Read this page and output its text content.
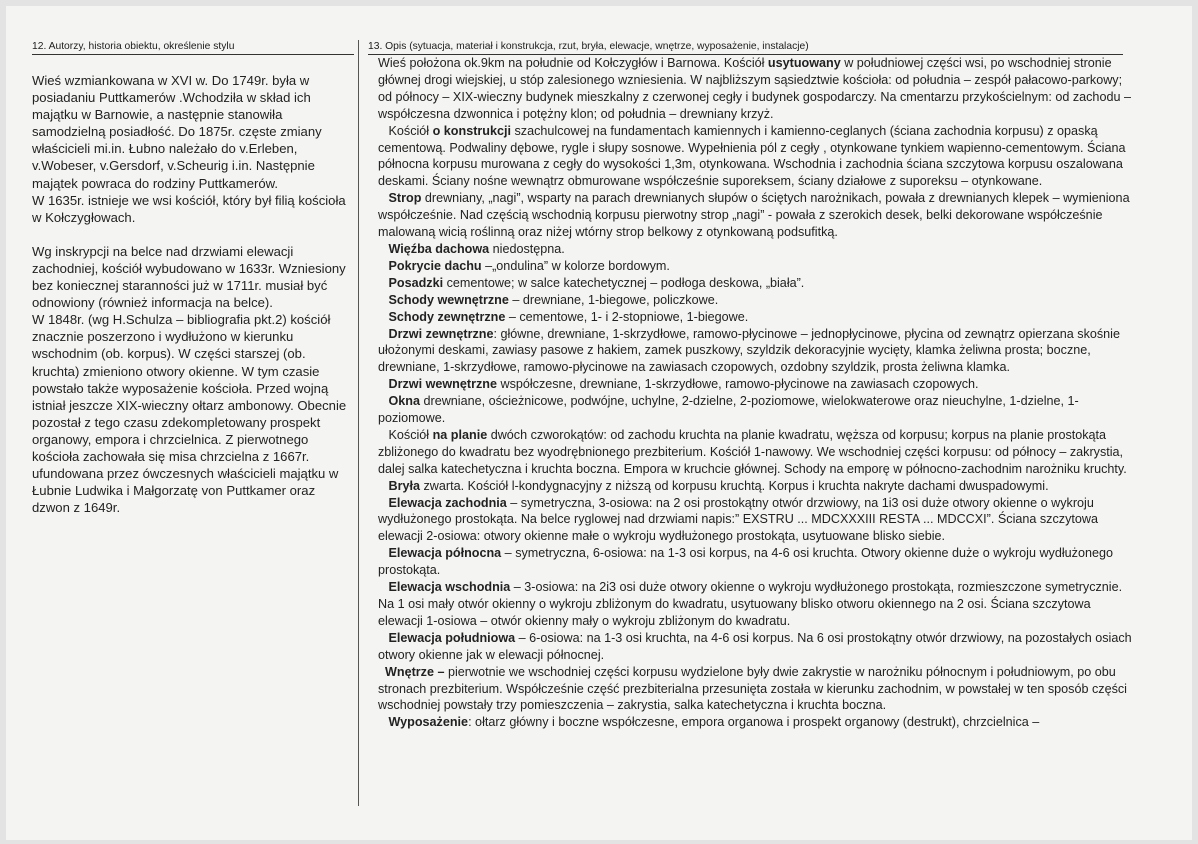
12. Autorzy, historia obiektu, określenie stylu	13. Opis (sytuacja, materiał i konstrukcja, rzut, bryła, elewacje, wnętrze, wyposażenie, instalacje)

Wieś wzmiankowana w XVI w. Do 1749r. była w posiadaniu Puttkamerów .Wchodziła w skład ich majątku w Barnowie, a następnie stanowiła samodzielną posiadłość. Do 1875r. częste zmiany właścicieli mi.in. Łubno należało do v.Erleben, v.Wobeser, v.Gersdorf, v.Scheurig i.in. Następnie majątek powraca do rodziny Puttkamerów.

W 1635r. istnieje we wsi kościół, który był filią kościoła w Kołczygłowach.

Wg inskrypcji na belce nad drzwiami elewacji zachodniej, kościół wybudowano w 1633r. Wzniesiony bez koniecznej staranności już w 1711r. musiał być odnowiony (również informacja na belce).

W 1848r. (wg H.Schulza – bibliografia pkt.2) kościół znacznie poszerzono i wydłużono w kierunku wschodnim (ob. korpus). W części starszej (ob. kruchta) zmieniono otwory okienne. W tym czasie powstało także wyposażenie kościoła. Przed wojną istniał jeszcze XIX-wieczny ołtarz ambonowy. Obecnie pozostał z tego czasu zdekompletowany prospekt organowy, empora i chrzcielnica. Z pierwotnego kościoła zachowała się misa chrzcielna z 1667r. ufundowana przez ówczesnych właścicieli majątku w Łubnie Ludwika i Małgorzatę von Puttkamer oraz dzwon z 1649r.

Wieś położona ok.9km na południe od Kołczygłów i Barnowa. Kościół usytuowany w południowej części wsi, po wschodniej stronie głównej drogi wiejskiej, u stóp zalesionego wzniesienia. W najbliższym sąsiedztwie kościoła: od południa – zespół pałacowo-parkowy; od północy – XIX-wieczny budynek mieszkalny z czerwonej cegły i budynek gospodarczy. Na cmentarzu przykościelnym: od zachodu – współczesna dzwonnica i potężny klon; od południa – drewniany krzyż.

Kościół o konstrukcji szachulcowej na fundamentach kamiennych i kamienno-ceglanych (ściana zachodnia korpusu) z opaską cementową. Podwaliny dębowe, rygle i słupy sosnowe. Wypełnienia pól z cegły , otynkowane tynkiem wapienno-cementowym. Ściana północna korpusu murowana z cegły do wysokości 1,3m, otynkowana. Wschodnia i zachodnia ściana szczytowa korpusu oszalowana deskami. Ściany nośne wewnątrz obmurowane współcześnie suporeksem, ściany działowe z suporeksu – otynkowane.

Strop drewniany, „nagi”, wsparty na parach drewnianych słupów o ściętych narożnikach, powała z drewnianych klepek – wymieniona współcześnie. Nad częścią wschodnią korpusu pierwotny strop „nagi” - powała z szerokich desek, belki dekorowane współcześnie malowaną wicią roślinną oraz niżej wtórny strop belkowy z otynkowaną podsufitką.

Więźba dachowa niedostępna.

Pokrycie dachu –„ondulina” w kolorze bordowym.

Posadzki cementowe; w salce katechetycznej – podłoga deskowa, „biała”.

Schody wewnętrzne – drewniane, 1-biegowe, policzkowe.

Schody zewnętrzne – cementowe, 1- i 2-stopniowe, 1-biegowe.

Drzwi zewnętrzne: główne, drewniane, 1-skrzydłowe, ramowo-płycinowe – jednopłycinowe, płycina od zewnątrz opierzana skośnie ułożonymi deskami, zawiasy pasowe z hakiem, zamek puszkowy, szyldzik dekoracyjnie wycięty, klamka żeliwna prosta; boczne, drewniane, 1-skrzydłowe, ramowo-płycinowe na zawiasach czopowych, ozdobny szyldzik, prosta żeliwna klamka.

Drzwi wewnętrzne współczesne, drewniane, 1-skrzydłowe, ramowo-płycinowe na zawiasach czopowych.

Okna drewniane, ościeżnicowe, podwójne, uchylne, 2-dzielne, 2-poziomowe, wielokwaterowe oraz nieuchylne, 1-dzielne, 1-poziomowe.

Kościół na planie dwóch czworokątów: od zachodu kruchta na planie kwadratu, węższa od korpusu; korpus na planie prostokąta zbliżonego do kwadratu bez wyodrębnionego prezbiterium. Kościół 1-nawowy. We wschodniej części korpusu: od północy – zakrystia, dalej salka katechetyczna i kruchta boczna. Empora w kruchcie głównej. Schody na emporę w północno-zachodnim narożniku kruchty.

Bryła zwarta. Kościół l-kondygnacyjny z niższą od korpusu kruchtą. Korpus i kruchta nakryte dachami dwuspadowymi.

Elewacja zachodnia – symetryczna, 3-osiowa: na 2 osi prostokątny otwór drzwiowy, na 1i3 osi duże otwory okienne o wykroju wydłużonego prostokąta. Na belce ryglowej nad drzwiami napis:” EXSTRU ... MDCXXXIII RESTA ... MDCCXI”. Ściana szczytowa elewacji 2-osiowa: otwory okienne małe o wykroju wydłużonego prostokąta, usytuowane blisko siebie.

Elewacja północna – symetryczna, 6-osiowa: na 1-3 osi korpus, na 4-6 osi kruchta. Otwory okienne duże o wykroju wydłużonego prostokąta.

Elewacja wschodnia – 3-osiowa: na 2i3 osi duże otwory okienne o wykroju wydłużonego prostokąta, rozmieszczone symetrycznie. Na 1 osi mały otwór okienny o wykroju zbliżonym do kwadratu, usytuowany blisko otworu okiennego na 2 osi. Ściana szczytowa elewacji 1-osiowa – otwór okienny mały o wykroju zbliżonym do kwadratu.

Elewacja południowa – 6-osiowa: na 1-3 osi kruchta, na 4-6 osi korpus. Na 6 osi prostokątny otwór drzwiowy, na pozostałych osiach otwory okienne jak w elewacji północnej.

Wnętrze – pierwotnie we wschodniej części korpusu wydzielone były dwie zakrystie w narożniku północnym i południowym, po obu stronach prezbiterium. Współcześnie część prezbiterialna przesunięta została w kierunku zachodnim, w powstałej w ten sposób części wschodniej powstały trzy pomieszczenia – zakrystia, salka katechetyczna i kruchta boczna.

Wyposażenie: ołtarz główny i boczne współczesne, empora organowa i prospekt organowy (destrukt), chrzcielnica –
